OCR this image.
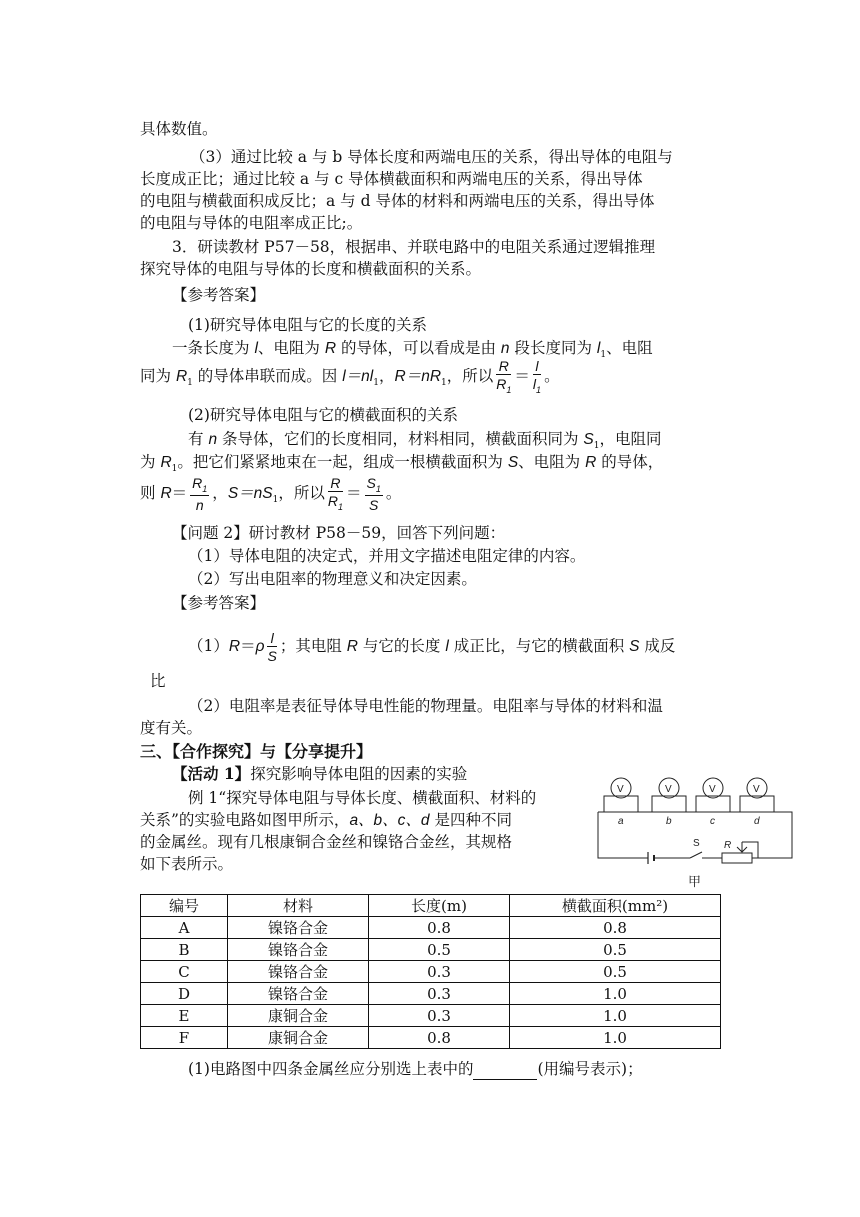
具体数值。
（3）通过比较 a 与 b 导体长度和两端电压的关系，得出导体的电阻与
长度成正比；通过比较 a 与 c 导体横截面积和两端电压的关系，得出导体
的电阻与横截面积成反比；a 与 d 导体的材料和两端电压的关系，得出导体
的电阻与导体的电阻率成正比;。
3．研读教材 P57－58，根据串、并联电路中的电阻关系通过逻辑推理
探究导体的电阻与导体的长度和横截面积的关系。
【参考答案】
(1)研究导体电阻与它的长度的关系
一条长度为 l、电阻为 R 的导体，可以看成是由 n 段长度同为 $l_1$、电阻
同为 $R_1$ 的导体串联而成。因 $l=nl_1$，$R=nR_1$，所以 $\frac{R}{R_1} = \frac{l}{l_1}$ 。
(2)研究导体电阻与它的横截面积的关系
有 n 条导体，它们的长度相同，材料相同，横截面积同为 $S_1$，电阻同
为 $R_1$。把它们紧紧地束在一起，组成一根横截面积为 S、电阻为 R 的导体，
则 $R= \frac{R_1}{n}$ ，$S=nS_1$，所以 $\frac{R}{R_1} = \frac{S_1}{S}$ 。
【问题 2】研讨教材 P58－59，回答下列问题：
（1）导体电阻的决定式，并用文字描述电阻定律的内容。
（2）写出电阻率的物理意义和决定因素。
【参考答案】
$(1)R=\rho \frac{l}{S}$ ；其电阻 R 与它的长度 l 成正比，与它的横截面积 S 成反
比
（2）电阻率是表征导体导电性能的物理量。电阻率与导体的材料和温
度有关。
三、【合作探究】与【分享提升】
【活动 1】探究影响导体电阻的因素的实验
例 1“探究导体电阻与导体长度、横截面积、材料的
关系”的实验电路如图甲所示，a、b、c、d 是四种不同
的金属丝。现有几根康铜合金丝和镍铬合金丝，其规格
如下表所示。
V	V	V	V
a	b	c	d
S R
甲
编号	材料	长度(m)	横截面积(mm²)
A	镍铬合金	0.8	0.8
B	镍铬合金	0.5	0.5
C	镍铬合金	0.3	0.5
D	镍铬合金	0.3	1.0
E	康铜合金	0.3	1.0
F	康铜合金	0.8	1.0
(1)电路图中四条金属丝应分别选上表中的	(用编号表示)；
